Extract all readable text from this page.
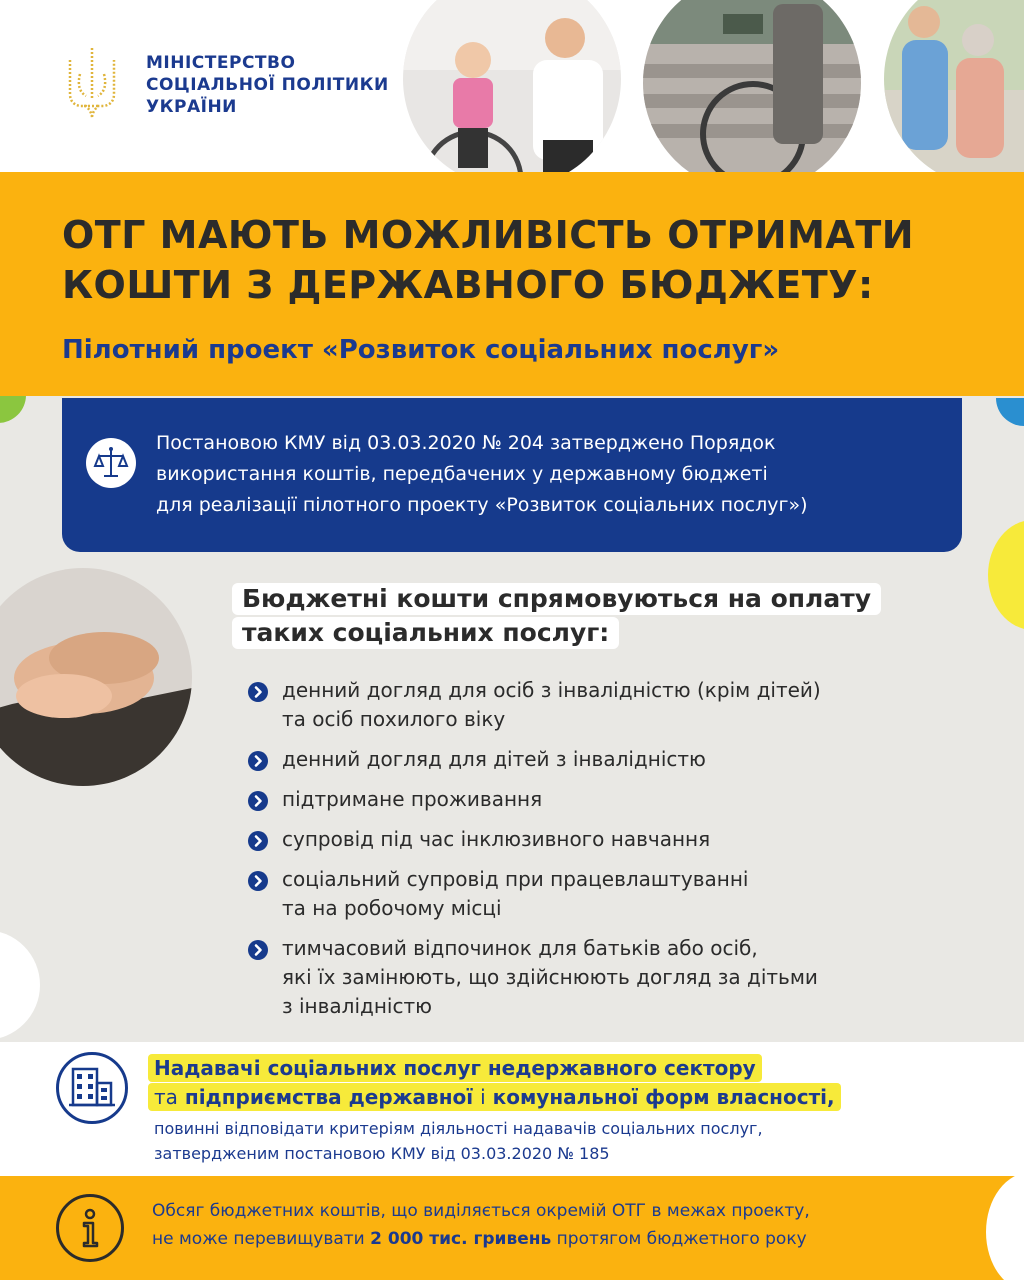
МІНІСТЕРСТВО
СОЦІАЛЬНОЇ ПОЛІТИКИ
УКРАЇНИ
ОТГ МАЮТЬ МОЖЛИВІСТЬ ОТРИМАТИ
КОШТИ З ДЕРЖАВНОГО БЮДЖЕТУ:
Пілотний проект «Розвиток соціальних послуг»
Постановою КМУ від 03.03.2020 № 204 затверджено Порядок
використання коштів, передбачених у державному бюджеті
для реалізації пілотного проекту «Розвиток соціальних послуг»)
Бюджетні кошти спрямовуються на оплату
таких соціальних послуг:
денний догляд для осіб з інвалідністю (крім дітей)
та осіб похилого віку
денний догляд для дітей з інвалідністю
підтримане проживання
супровід під час інклюзивного навчання
соціальний супровід при працевлаштуванні
та на робочому місці
тимчасовий відпочинок для батьків або осіб,
які їх замінюють, що здійснюють догляд за дітьми
з інвалідністю
Надавачі соціальних послуг недержавного сектору
та підприємства державної і комунальної форм власності,
повинні відповідати критеріям діяльності надавачів соціальних послуг,
затвердженим постановою КМУ від 03.03.2020 № 185
Обсяг бюджетних коштів, що виділяється окремій ОТГ в межах проекту,
не може перевищувати 2 000 тис. гривень протягом бюджетного року
